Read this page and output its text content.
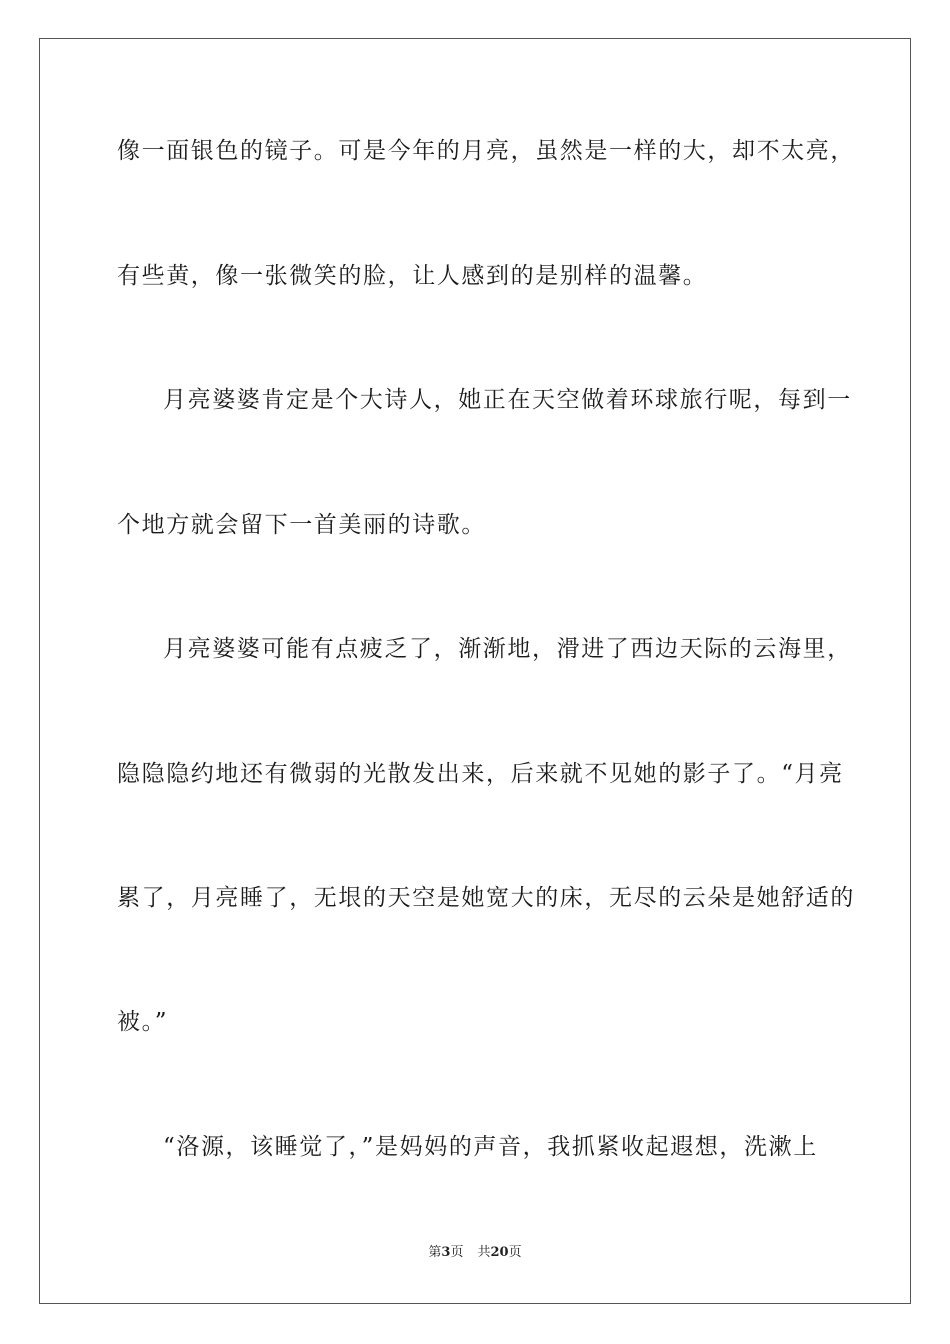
像一面银色的镜子。可是今年的月亮，虽然是一样的大，却不太亮，
有些黄，像一张微笑的脸，让人感到的是别样的温馨。
月亮婆婆肯定是个大诗人，她正在天空做着环球旅行呢，每到一
个地方就会留下一首美丽的诗歌。
月亮婆婆可能有点疲乏了，渐渐地，滑进了西边天际的云海里，
隐隐隐约地还有微弱的光散发出来，后来就不见她的影子了。“月亮
累了，月亮睡了，无垠的天空是她宽大的床，无尽的云朵是她舒适的
被。”
“洛源，该睡觉了，”是妈妈的声音，我抓紧收起遐想，洗漱上
第3页 共20页
